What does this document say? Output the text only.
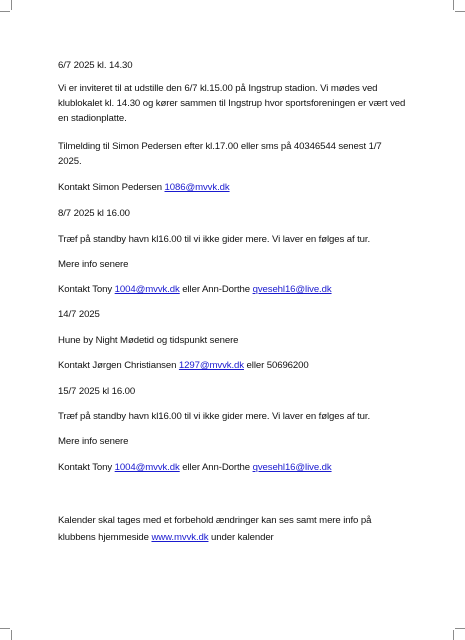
6/7 2025 kl. 14.30

Vi er inviteret til at udstille den 6/7 kl.15.00 på Ingstrup stadion. Vi mødes ved klublokalet kl. 14.30 og kører sammen til Ingstrup hvor sportsforeningen er vært ved en stadionplatte.

Tilmelding til Simon Pedersen efter kl.17.00 eller sms på 40346544 senest 1/7 2025.

Kontakt Simon Pedersen 1086@mvvk.dk

8/7 2025 kl 16.00

Træf på standby havn kl16.00 til vi ikke gider mere. Vi laver en følges af tur.

Mere info senere

Kontakt Tony 1004@mvvk.dk eller Ann-Dorthe qvesehl16@live.dk

14/7 2025

Hune by Night Mødetid og tidspunkt senere

Kontakt Jørgen Christiansen 1297@mvvk.dk eller 50696200

15/7 2025 kl 16.00

Træf på standby havn kl16.00 til vi ikke gider mere. Vi laver en følges af tur.

Mere info senere

Kontakt Tony 1004@mvvk.dk eller Ann-Dorthe qvesehl16@live.dk

Kalender skal tages med et forbehold ændringer kan ses samt mere info på klubbens hjemmeside www.mvvk.dk under kalender
